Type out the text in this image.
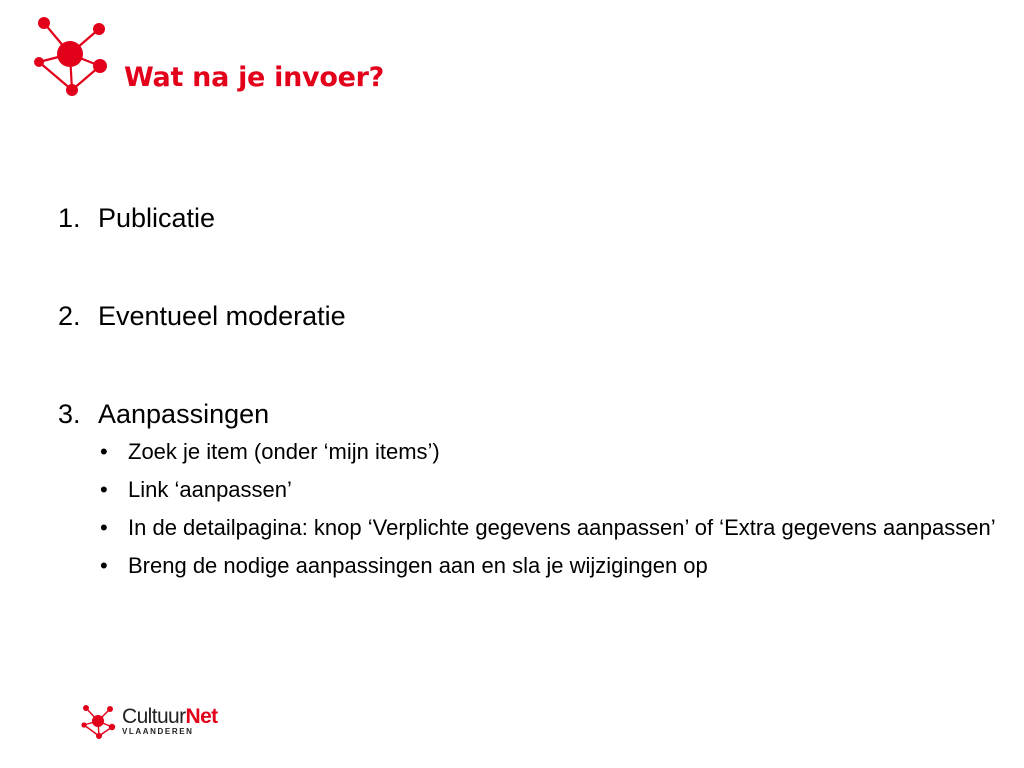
Wat na je invoer?
1. Publicatie
2. Eventueel moderatie
3. Aanpassingen
• Zoek je item (onder ‘mijn items’)
• Link ‘aanpassen’
• In de detailpagina: knop ‘Verplichte gegevens aanpassen’ of ‘Extra gegevens aanpassen’
• Breng de nodige aanpassingen aan en sla je wijzigingen op
CultuurNet
VLAANDEREN
